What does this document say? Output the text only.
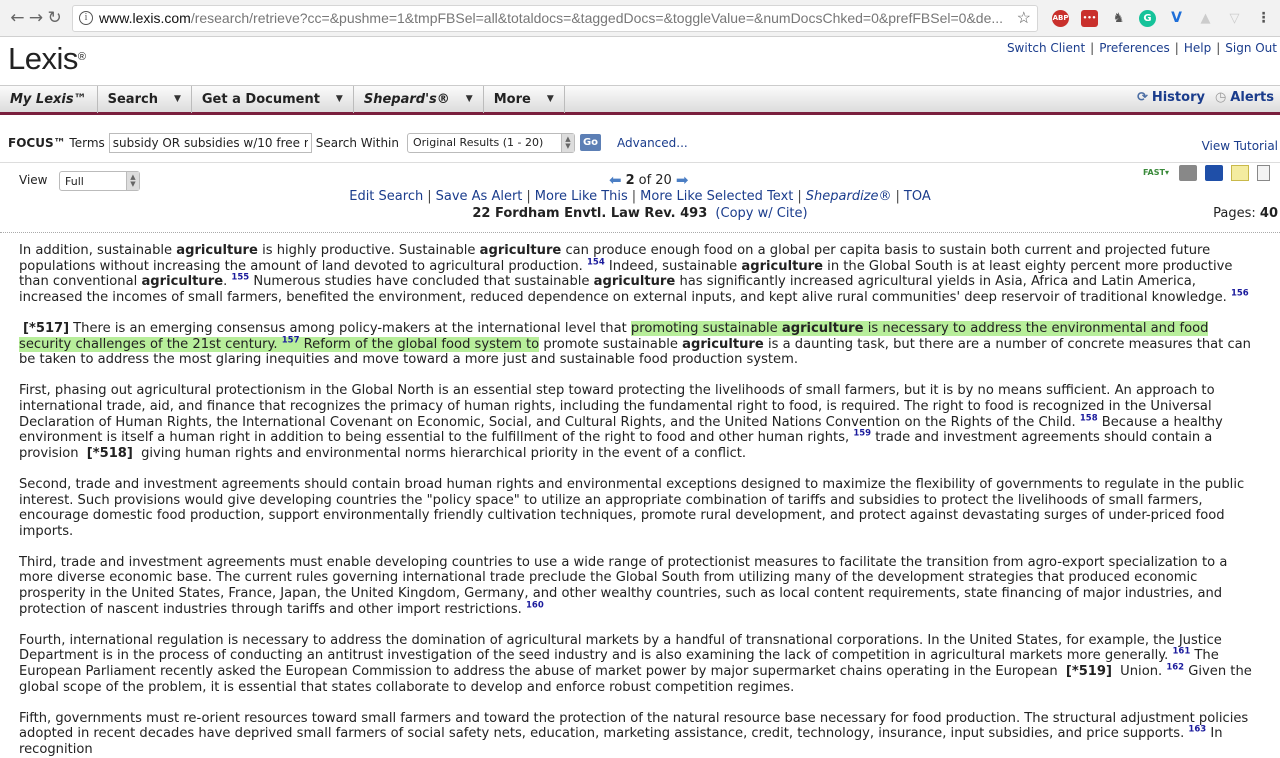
← → ↻	i www.lexis.com /research/retrieve?cc=&pushme=1&tmpFBSel=all&totaldocs=&taggedDocs=&toggleValue=&numDocsChked=0&prefFBSel=0&de... ☆	ABP ••• ♞	G	V ▲ ▽ ⋮
Lexis®
Switch Client | Preferences | Help | Sign Out
My Lexis™ Search ▼ Get a Document ▼ Shepard's® ▼ More ▼	⟳ History ◷ Alerts
FOCUS™
Terms
subsidy OR subsidies w/10 free mark	Search Within Original Results (1 - 20)	▲
▼	Go Advanced...	View Tutorial
View Full	▲
▼	⬅ 2 of 20 ➡
Edit Search | Save As Alert | More Like This | More Like Selected Text | Shepardize® | TOA
22 Fordham Envtl. Law Rev. 493 (Copy w/ Cite)
FAST▾
Pages: 40

In addition, sustainable agriculture is highly productive. Sustainable agriculture can produce enough food on a global per capita basis to sustain both current and projected future populations without increasing the amount of land devoted to agricultural production. $^{154}$ Indeed, sustainable agriculture in the Global South is at least eighty percent more productive than conventional agriculture. $^{155}$ Numerous studies have concluded that sustainable agriculture has significantly increased agricultural yields in Asia, Africa and Latin America, increased the incomes of small farmers, benefited the environment, reduced dependence on external inputs, and kept alive rural communities' deep reservoir of traditional knowledge. $^{156}$

[*517] There is an emerging consensus among policy-makers at the international level that promoting sustainable agriculture is necessary to address the environmental and food security challenges of the 21st century. $^{157}$ Reform of the global food system to promote sustainable agriculture is a daunting task, but there are a number of concrete measures that can be taken to address the most glaring inequities and move toward a more just and sustainable food production system.

First, phasing out agricultural protectionism in the Global North is an essential step toward protecting the livelihoods of small farmers, but it is by no means sufficient. An approach to international trade, aid, and finance that recognizes the primacy of human rights, including the fundamental right to food, is required. The right to food is recognized in the Universal Declaration of Human Rights, the International Covenant on Economic, Social, and Cultural Rights, and the United Nations Convention on the Rights of the Child. $^{158}$ Because a healthy environment is itself a human right in addition to being essential to the fulfillment of the right to food and other human rights, $^{159}$ trade and investment agreements should contain a provision [*518] giving human rights and environmental norms hierarchical priority in the event of a conflict.

Second, trade and investment agreements should contain broad human rights and environmental exceptions designed to maximize the flexibility of governments to regulate in the public interest. Such provisions would give developing countries the "policy space" to utilize an appropriate combination of tariffs and subsidies to protect the livelihoods of small farmers, encourage domestic food production, support environmentally friendly cultivation techniques, promote rural development, and protect against devastating surges of under-priced food imports.

Third, trade and investment agreements must enable developing countries to use a wide range of protectionist measures to facilitate the transition from agro-export specialization to a more diverse economic base. The current rules governing international trade preclude the Global South from utilizing many of the development strategies that produced economic prosperity in the United States, France, Japan, the United Kingdom, Germany, and other wealthy countries, such as local content requirements, state financing of major industries, and protection of nascent industries through tariffs and other import restrictions. $^{160}$

Fourth, international regulation is necessary to address the domination of agricultural markets by a handful of transnational corporations. In the United States, for example, the Justice Department is in the process of conducting an antitrust investigation of the seed industry and is also examining the lack of competition in agricultural markets more generally. $^{161}$ The European Parliament recently asked the European Commission to address the abuse of market power by major supermarket chains operating in the European [*519] Union. $^{162}$ Given the global scope of the problem, it is essential that states collaborate to develop and enforce robust competition regimes.

Fifth, governments must re-orient resources toward small farmers and toward the protection of the natural resource base necessary for food production. The structural adjustment policies adopted in recent decades have deprived small farmers of social safety nets, education, marketing assistance, credit, technology, insurance, input subsidies, and price supports. $^{163}$ In recognition
